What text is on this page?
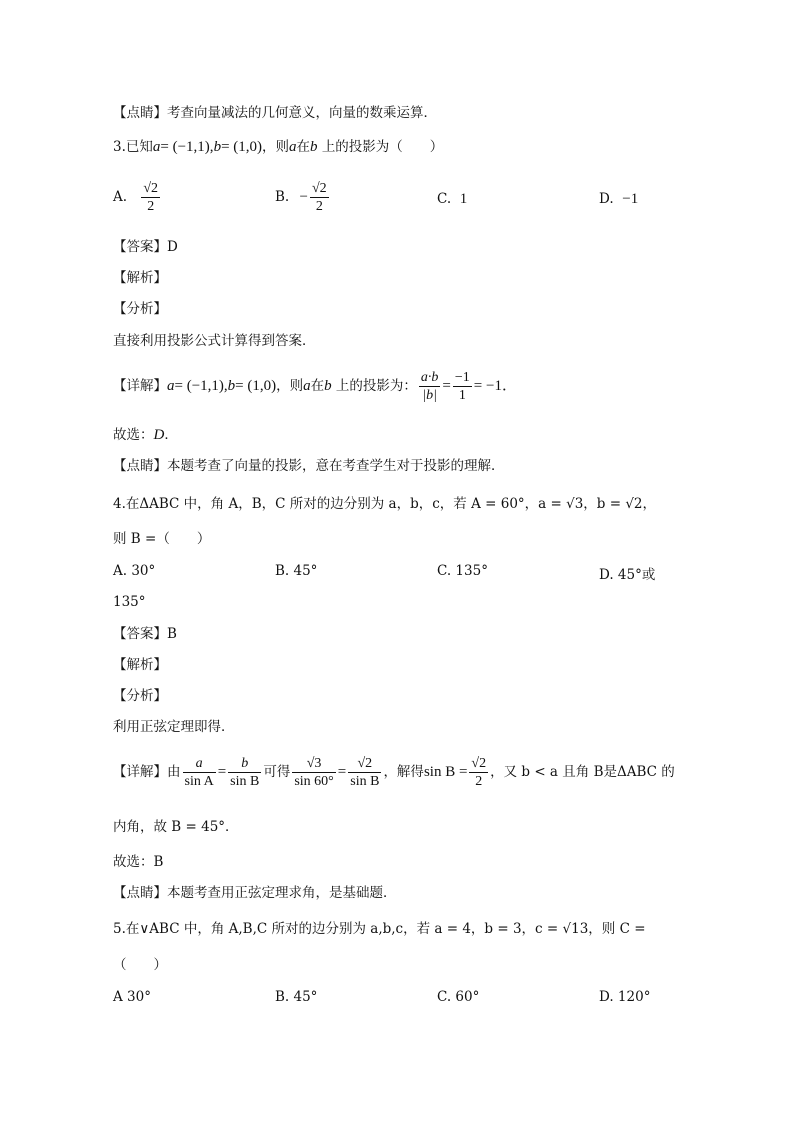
【点睛】考查向量减法的几何意义，向量的数乘运算．
3.已知a= (−1,1),b= (1,0)，则a在b 上的投影为（　　）
A. $\frac{√2}{2}$	B. − $\frac{√2}{2}$	C. 1	D. −1
【答案】D
【解析】
【分析】
直接利用投影公式计算得到答案．
【详解】a= (−1,1),b= (1,0)，则a在b 上的投影为： $\frac{a\cdot b}{|b|} = \frac{-1}{1} = -1$．
故选：D．
【点睛】本题考查了向量的投影，意在考查学生对于投影的理解．
4.在ΔABC 中，角 A，B，C 所对的边分别为 a，b，c，若 A = 60°，a = √3，b = √2，
则 B =（　　）
A. 30°	B. 45°	C. 135°	D. 45°或
135°
【答案】B
【解析】
【分析】
利用正弦定理即得．
【详解】由 $\frac{a}{\text{sin A}} = \frac{b}{\text{sin B}}$ 可得 $\frac{√3}{\sin 60^\circ} = \frac{√2}{\text{sin B}}$ ，解得$\sin B = \frac{√2}{2}$ ，又 b < a 且角 B是ΔABC 的
内角，故 B = 45°．
故选：B
【点睛】本题考查用正弦定理求角，是基础题．
5.在∨ABC 中，角 A,B,C 所对的边分别为 a,b,c，若 a = 4，b = 3，c = √13，则 C =
（　　）
A 30°	B. 45°	C. 60°	D. 120°
